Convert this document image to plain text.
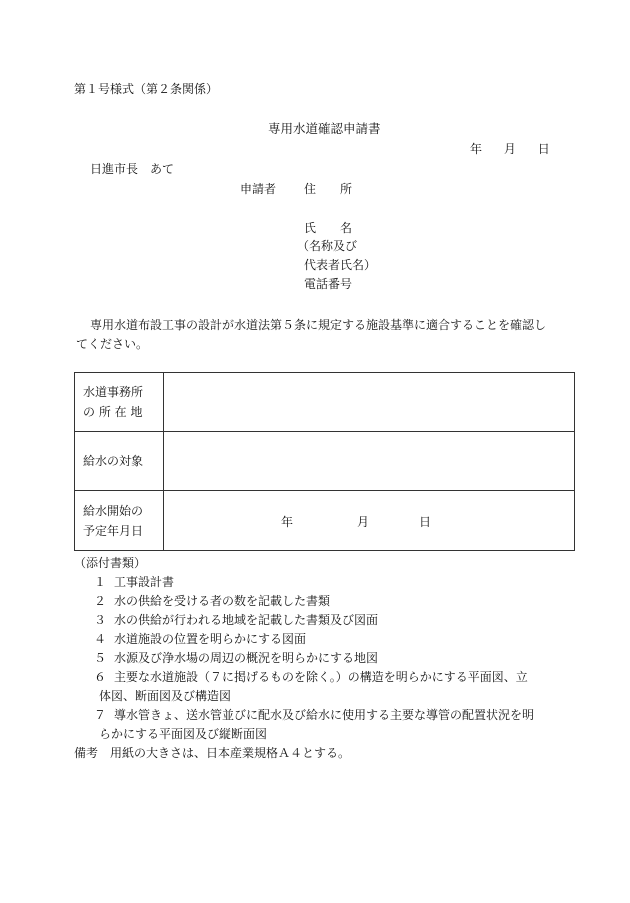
第１号様式（第２条関係）
専用水道確認申請書
年 月 日
日進市長　あて
申請者 住　　所
氏　　名
（名称及び
代表者氏名）
電話番号
専用水道布設工事の設計が水道法第５条に規定する施設基準に適合することを確認し
てください。
水道事務所
の 所 在 地	

給水の対象	

給水開始の
予定年月日	年 月 日
（添付書類）
１ 工事設計書
２ 水の供給を受ける者の数を記載した書類
３ 水の供給が行われる地域を記載した書類及び図面
４ 水道施設の位置を明らかにする図面
５ 水源及び浄水場の周辺の概況を明らかにする地図
６ 主要な水道施設（７に掲げるものを除く。）の構造を明らかにする平面図、立
体図、断面図及び構造図
７ 導水管きょ、送水管並びに配水及び給水に使用する主要な導管の配置状況を明
らかにする平面図及び縦断面図
備考　用紙の大きさは、日本産業規格Ａ４とする。
